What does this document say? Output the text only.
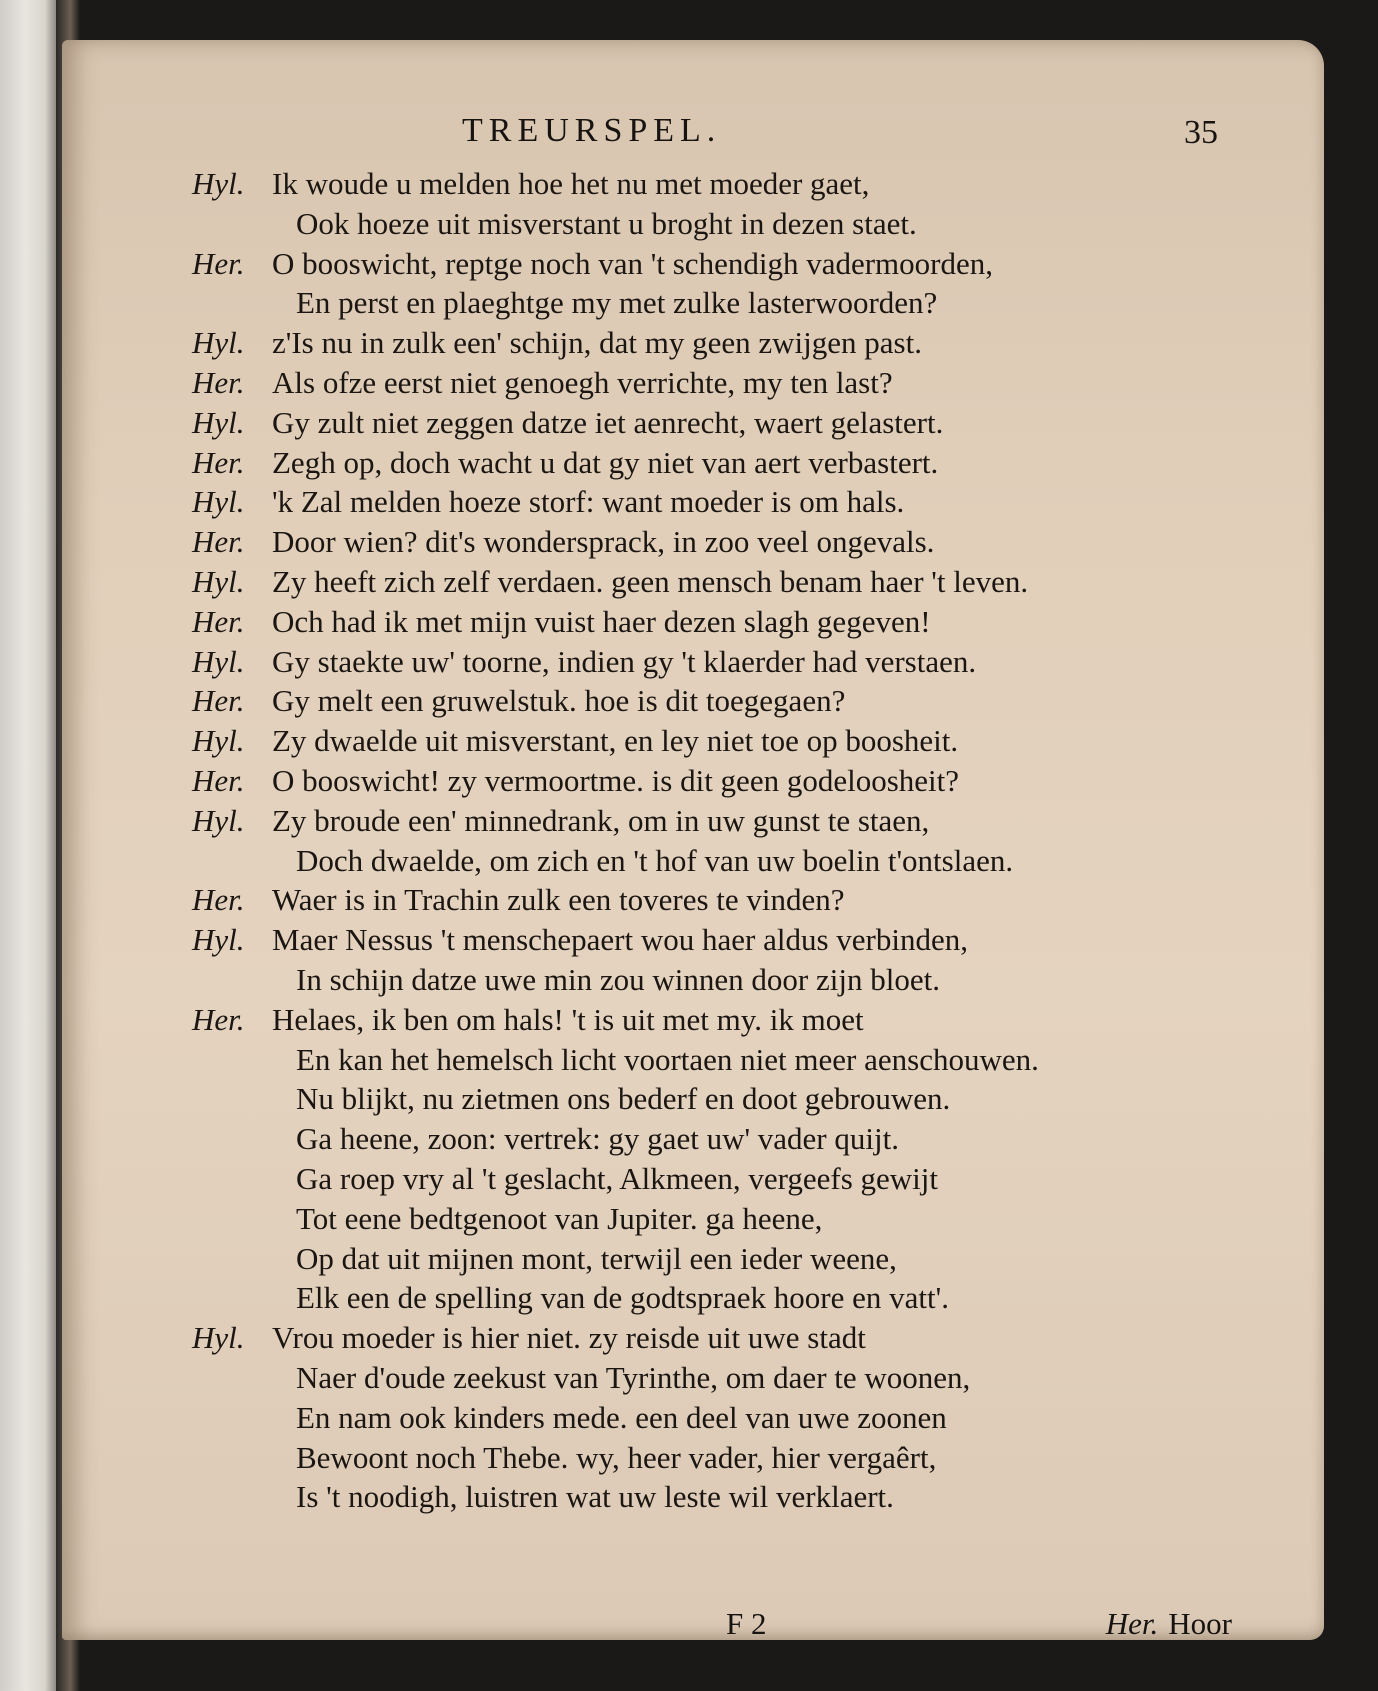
TREURSPEL.	35
Hyl. Ik woude u melden hoe het nu met moeder gaet,
Ook hoeze uit misverstant u broght in dezen staet.
Her. O booswicht, reptge noch van 't schendigh vadermoorden,
En perst en plaeghtge my met zulke lasterwoorden?
Hyl. z'Is nu in zulk een' schijn, dat my geen zwijgen past.
Her. Als ofze eerst niet genoegh verrichte, my ten last?
Hyl. Gy zult niet zeggen datze iet aenrecht, waert gelastert.
Her. Zegh op, doch wacht u dat gy niet van aert verbastert.
Hyl. 'k Zal melden hoeze storf: want moeder is om hals.
Her. Door wien? dit's wondersprack, in zoo veel ongevals.
Hyl. Zy heeft zich zelf verdaen. geen mensch benam haer 't leven.
Her. Och had ik met mijn vuist haer dezen slagh gegeven!
Hyl. Gy staekte uw' toorne, indien gy 't klaerder had verstaen.
Her. Gy melt een gruwelstuk. hoe is dit toegegaen?
Hyl. Zy dwaelde uit misverstant, en ley niet toe op boosheit.
Her. O booswicht! zy vermoortme. is dit geen godeloosheit?
Hyl. Zy broude een' minnedrank, om in uw gunst te staen,
Doch dwaelde, om zich en 't hof van uw boelin t'ontslaen.
Her. Waer is in Trachin zulk een toveres te vinden?
Hyl. Maer Nessus 't menschepaert wou haer aldus verbinden,
In schijn datze uwe min zou winnen door zijn bloet.
Her. Helaes, ik ben om hals! 't is uit met my. ik moet
En kan het hemelsch licht voortaen niet meer aenschouwen.
Nu blijkt, nu zietmen ons bederf en doot gebrouwen.
Ga heene, zoon: vertrek: gy gaet uw' vader quijt.
Ga roep vry al 't geslacht, Alkmeen, vergeefs gewijt
Tot eene bedtgenoot van Jupiter. ga heene,
Op dat uit mijnen mont, terwijl een ieder weene,
Elk een de spelling van de godtspraek hoore en vatt'.
Hyl. Vrou moeder is hier niet. zy reisde uit uwe stadt
Naer d'oude zeekust van Tyrinthe, om daer te woonen,
En nam ook kinders mede. een deel van uwe zoonen
Bewoont noch Thebe. wy, heer vader, hier vergaêrt,
Is 't noodigh, luistren wat uw leste wil verklaert.
F 2	Her. Hoor
